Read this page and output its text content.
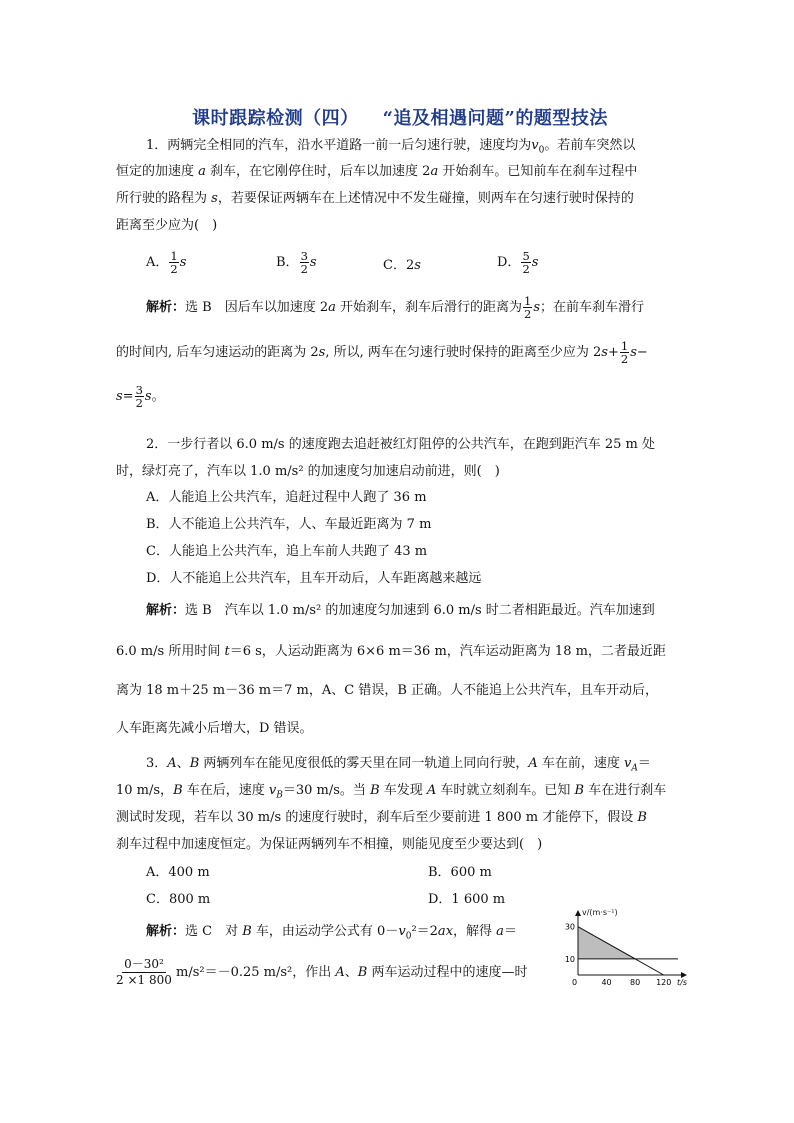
课时跟踪检测（四） “追及相遇问题”的题型技法
1．两辆完全相同的汽车，沿水平道路一前一后匀速行驶，速度均为$v_0$。若前车突然以
恒定的加速度 a 刹车，在它刚停住时，后车以加速度 2a 开始刹车。已知前车在刹车过程中
所行驶的路程为 s，若要保证两辆车在上述情况中不发生碰撞，则两车在匀速行驶时保持的
距离至少应为(　)
A． $\frac{1}{2}$ s	B． $\frac{3}{2}$ s	C．2s	D． $\frac{5}{2}$ s
解析：选 B　因后车以加速度 2a 开始刹车，刹车后滑行的距离为 $\frac{1}{2}$ s；在前车刹车滑行
的时间内, 后车匀速运动的距离为 2s, 所以, 两车在匀速行驶时保持的距离至少应为 $2s+ \frac{1}{2} s-$
$s= \frac{3}{2}$ s。
2．一步行者以 6.0 m/s 的速度跑去追赶被红灯阻停的公共汽车，在跑到距汽车 25 m 处
时，绿灯亮了，汽车以 1.0 m/s² 的加速度匀加速启动前进，则(　)
A．人能追上公共汽车，追赶过程中人跑了 36 m
B．人不能追上公共汽车，人、车最近距离为 7 m
C．人能追上公共汽车，追上车前人共跑了 43 m
D．人不能追上公共汽车，且车开动后，人车距离越来越远
解析：选 B　汽车以 1.0 m/s² 的加速度匀加速到 6.0 m/s 时二者相距最近。汽车加速到
6.0 m/s 所用时间 t＝6 s，人运动距离为 6×6 m＝36 m，汽车运动距离为 18 m，二者最近距
离为 18 m＋25 m－36 m＝7 m，A、C 错误，B 正确。人不能追上公共汽车，且车开动后，
人车距离先减小后增大，D 错误。
3．A、B 两辆列车在能见度很低的雾天里在同一轨道上同向行驶，A 车在前，速度 $v_A=$
10 m/s，B 车在后，速度 $v_B=30$ m/s。当 B 车发现 A 车时就立刻刹车。已知 B 车在进行刹车
测试时发现，若车以 30 m/s 的速度行驶时，刹车后至少要前进 1 800 m 才能停下，假设 B
刹车过程中加速度恒定。为保证两辆列车不相撞，则能见度至少要达到(　)
A．400 m	B．600 m
C．800 m	D．1 600 m
解析：选 C　对 B 车，由运动学公式有 $0-v_0^2=2ax$，解得 a＝
$\frac{\text{0－30²}}{2 \times 1 800} m/s^2=-0.25$ m/s²，作出 A、B 两车运动过程中的速度—时
0	40 80 120
10
30
v/(m·s⁻¹)
t/s
